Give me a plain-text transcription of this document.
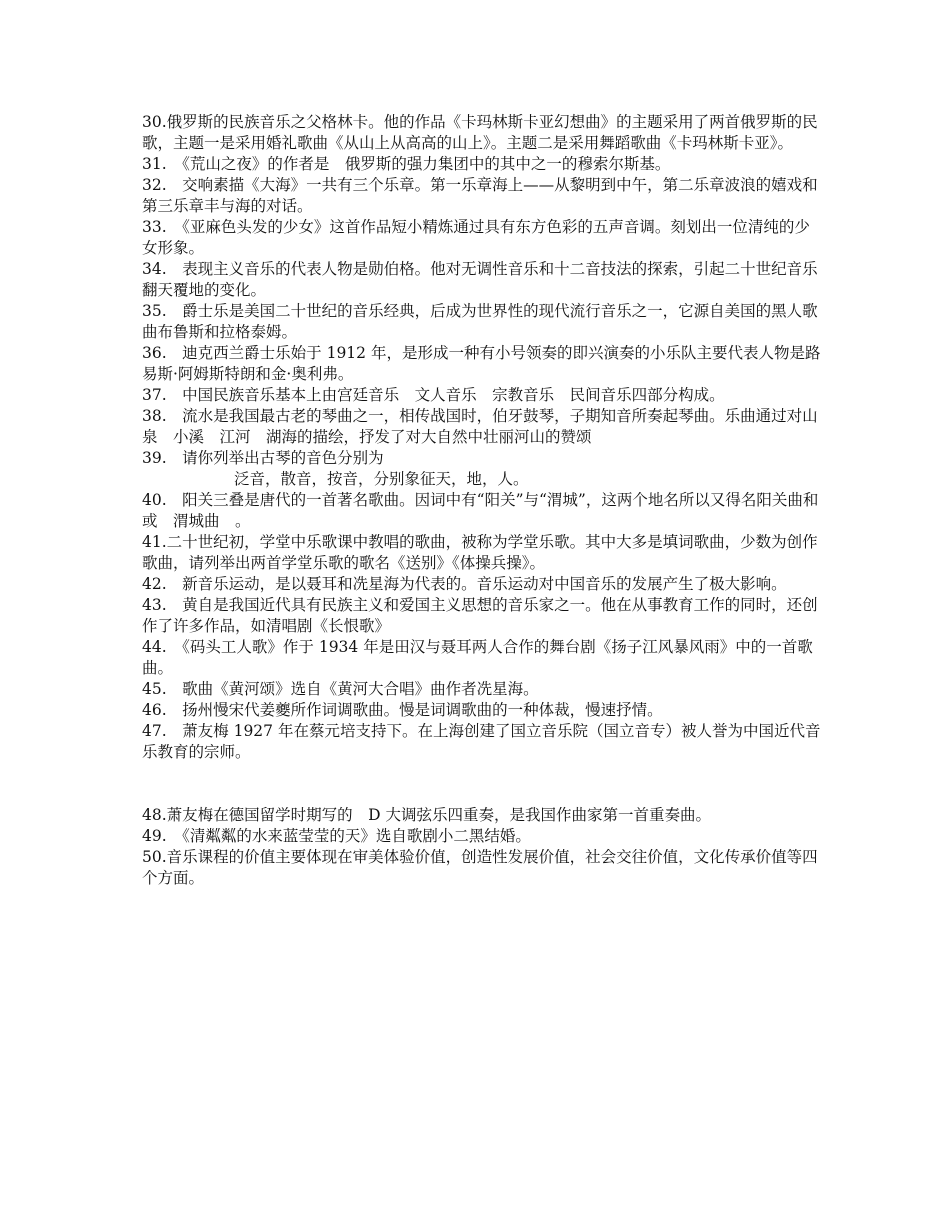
30.俄罗斯的民族音乐之父格林卡。他的作品《卡玛林斯卡亚幻想曲》的主题采用了两首俄罗斯的民歌，主题一是采用婚礼歌曲《从山上从高高的山上》。主题二是采用舞蹈歌曲《卡玛林斯卡亚》。

31.　《荒山之夜》的作者是　俄罗斯的强力集团中的其中之一的穆索尔斯基。

32.　交响素描《大海》一共有三个乐章。第一乐章海上——从黎明到中午，第二乐章波浪的嬉戏和第三乐章丰与海的对话。

33.　《亚麻色头发的少女》这首作品短小精炼通过具有东方色彩的五声音调。刻划出一位清纯的少女形象。

34.　表现主义音乐的代表人物是勋伯格。他对无调性音乐和十二音技法的探索，引起二十世纪音乐翻天覆地的变化。

35.　爵士乐是美国二十世纪的音乐经典，后成为世界性的现代流行音乐之一，它源自美国的黑人歌曲布鲁斯和拉格泰姆。

36.　迪克西兰爵士乐始于 1912 年，是形成一种有小号领奏的即兴演奏的小乐队主要代表人物是路易斯·阿姆斯特朗和金·奥利弗。

37.　中国民族音乐基本上由宫廷音乐　文人音乐　宗教音乐　民间音乐四部分构成。

38.　流水是我国最古老的琴曲之一，相传战国时，伯牙鼓琴，子期知音所奏起琴曲。乐曲通过对山泉　小溪　江河　湖海的描绘，抒发了对大自然中壮丽河山的赞颂

39.　请你列举出古琴的音色分别为

泛音，散音，按音，分别象征天，地，人。

40.　阳关三叠是唐代的一首著名歌曲。因词中有“阳关”与“渭城”，这两个地名所以又得名阳关曲和或　渭城曲　。

41.二十世纪初，学堂中乐歌课中教唱的歌曲，被称为学堂乐歌。其中大多是填词歌曲，少数为创作歌曲，请列举出两首学堂乐歌的歌名《送别》《体操兵操》。

42.　新音乐运动，是以聂耳和冼星海为代表的。音乐运动对中国音乐的发展产生了极大影响。

43.　黄自是我国近代具有民族主义和爱国主义思想的音乐家之一。他在从事教育工作的同时，还创作了许多作品，如清唱剧《长恨歌》

44.　《码头工人歌》作于 1934 年是田汉与聂耳两人合作的舞台剧《扬子江风暴风雨》中的一首歌曲。

45.　歌曲《黄河颂》选自《黄河大合唱》曲作者冼星海。

46.　扬州慢宋代姜夔所作词调歌曲。慢是词调歌曲的一种体裁，慢速抒情。

47.　萧友梅 1927 年在蔡元培支持下。在上海创建了国立音乐院（国立音专）被人誉为中国近代音乐教育的宗师。

48.萧友梅在德国留学时期写的　D 大调弦乐四重奏，是我国作曲家第一首重奏曲。

49.　《清粼粼的水来蓝莹莹的天》选自歌剧小二黑结婚。

50.音乐课程的价值主要体现在审美体验价值，创造性发展价值，社会交往价值，文化传承价值等四个方面。
